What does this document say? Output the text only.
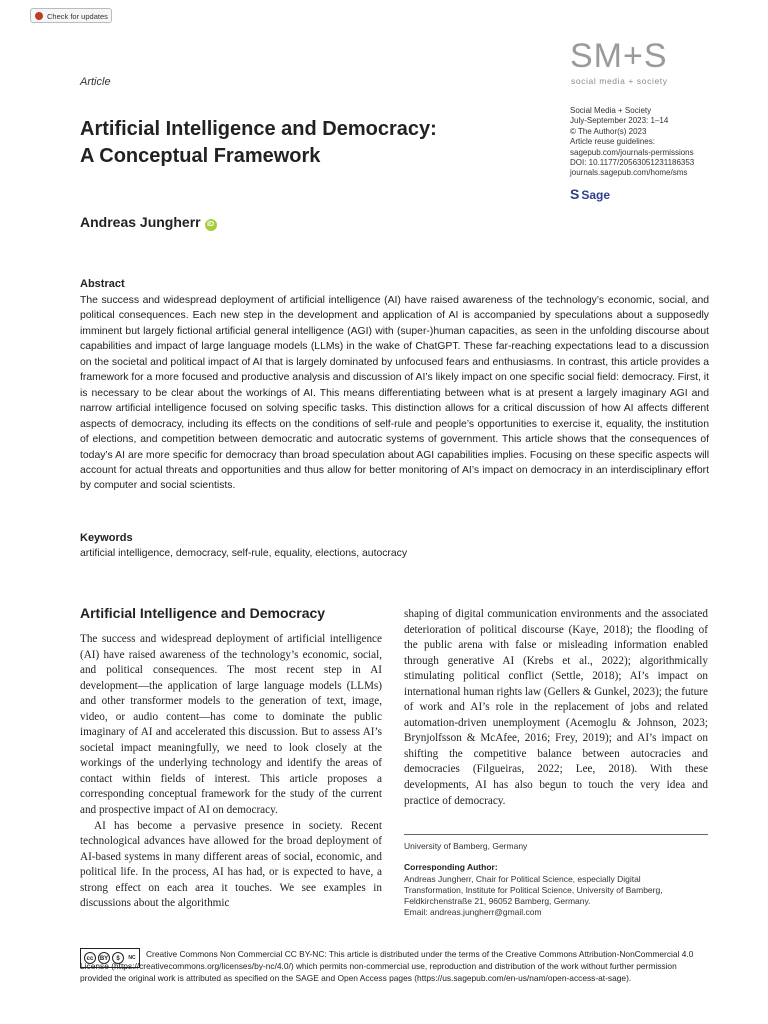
Check for updates
SM+S
social media + society
Article
Artificial Intelligence and Democracy:
A Conceptual Framework
Social Media + Society
July-September 2023: 1–14
© The Author(s) 2023
Article reuse guidelines:
sagepub.com/journals-permissions
DOI: 10.1177/20563051231186353
journals.sagepub.com/home/sms
S Sage
Andreas Jungherr iD
Abstract
The success and widespread deployment of artificial intelligence (AI) have raised awareness of the technology’s economic, social, and political consequences. Each new step in the development and application of AI is accompanied by speculations about a supposedly imminent but largely fictional artificial general intelligence (AGI) with (super-)human capacities, as seen in the unfolding discourse about capabilities and impact of large language models (LLMs) in the wake of ChatGPT. These far-reaching expectations lead to a discussion on the societal and political impact of AI that is largely dominated by unfocused fears and enthusiasms. In contrast, this article provides a framework for a more focused and productive analysis and discussion of AI’s likely impact on one specific social field: democracy. First, it is necessary to be clear about the workings of AI. This means differentiating between what is at present a largely imaginary AGI and narrow artificial intelligence focused on solving specific tasks. This distinction allows for a critical discussion of how AI affects different aspects of democracy, including its effects on the conditions of self-rule and people’s opportunities to exercise it, equality, the institution of elections, and competition between democratic and autocratic systems of government. This article shows that the consequences of today’s AI are more specific for democracy than broad speculation about AGI capabilities implies. Focusing on these specific aspects will account for actual threats and opportunities and thus allow for better monitoring of AI’s impact on democracy in an interdisciplinary effort by computer and social scientists.
Keywords
artificial intelligence, democracy, self-rule, equality, elections, autocracy
Artificial Intelligence and Democracy

The success and widespread deployment of artificial intelligence (AI) have raised awareness of the technology’s economic, social, and political consequences. The most recent step in AI development—the application of large language models (LLMs) and other transformer models to the generation of text, image, video, or audio content—has come to dominate the public imaginary of AI and accelerated this discussion. But to assess AI’s societal impact meaningfully, we need to look closely at the workings of the underlying technology and identify the areas of contact within fields of interest. This article proposes a corresponding conceptual framework for the study of the current and prospective impact of AI on democracy.

AI has become a pervasive presence in society. Recent technological advances have allowed for the broad deployment of AI-based systems in many different areas of social, economic, and political life. In the process, AI has had, or is expected to have, a strong effect on each area it touches. We see examples in discussions about the algorithmic

shaping of digital communication environments and the associated deterioration of political discourse (Kaye, 2018); the flooding of the public arena with false or misleading information enabled through generative AI (Krebs et al., 2022); algorithmically stimulating political conflict (Settle, 2018); AI’s impact on international human rights law (Gellers & Gunkel, 2023); the future of work and AI’s role in the replacement of jobs and related automation-driven unemployment (Acemoglu & Johnson, 2023; Brynjolfsson & McAfee, 2016; Frey, 2019); and AI’s impact on shifting the competitive balance between autocracies and democracies (Filgueiras, 2022; Lee, 2018). With these developments, AI has also begun to touch the very idea and practice of democracy.

University of Bamberg, Germany
Corresponding Author:
Andreas Jungherr, Chair for Political Science, especially Digital
Transformation, Institute for Political Science, University of Bamberg,
Feldkirchenstraße 21, 96052 Bamberg, Germany.
Email: andreas.jungherr@gmail.com
cc	BY	$	NC	Creative Commons Non Commercial CC BY-NC: This article is distributed under the terms of the Creative Commons Attribution-NonCommercial 4.0 License (https://creativecommons.org/licenses/by-nc/4.0/) which permits non-commercial use, reproduction and distribution of the work without further permission provided the original work is attributed as specified on the SAGE and Open Access pages (https://us.sagepub.com/en-us/nam/open-access-at-sage).
